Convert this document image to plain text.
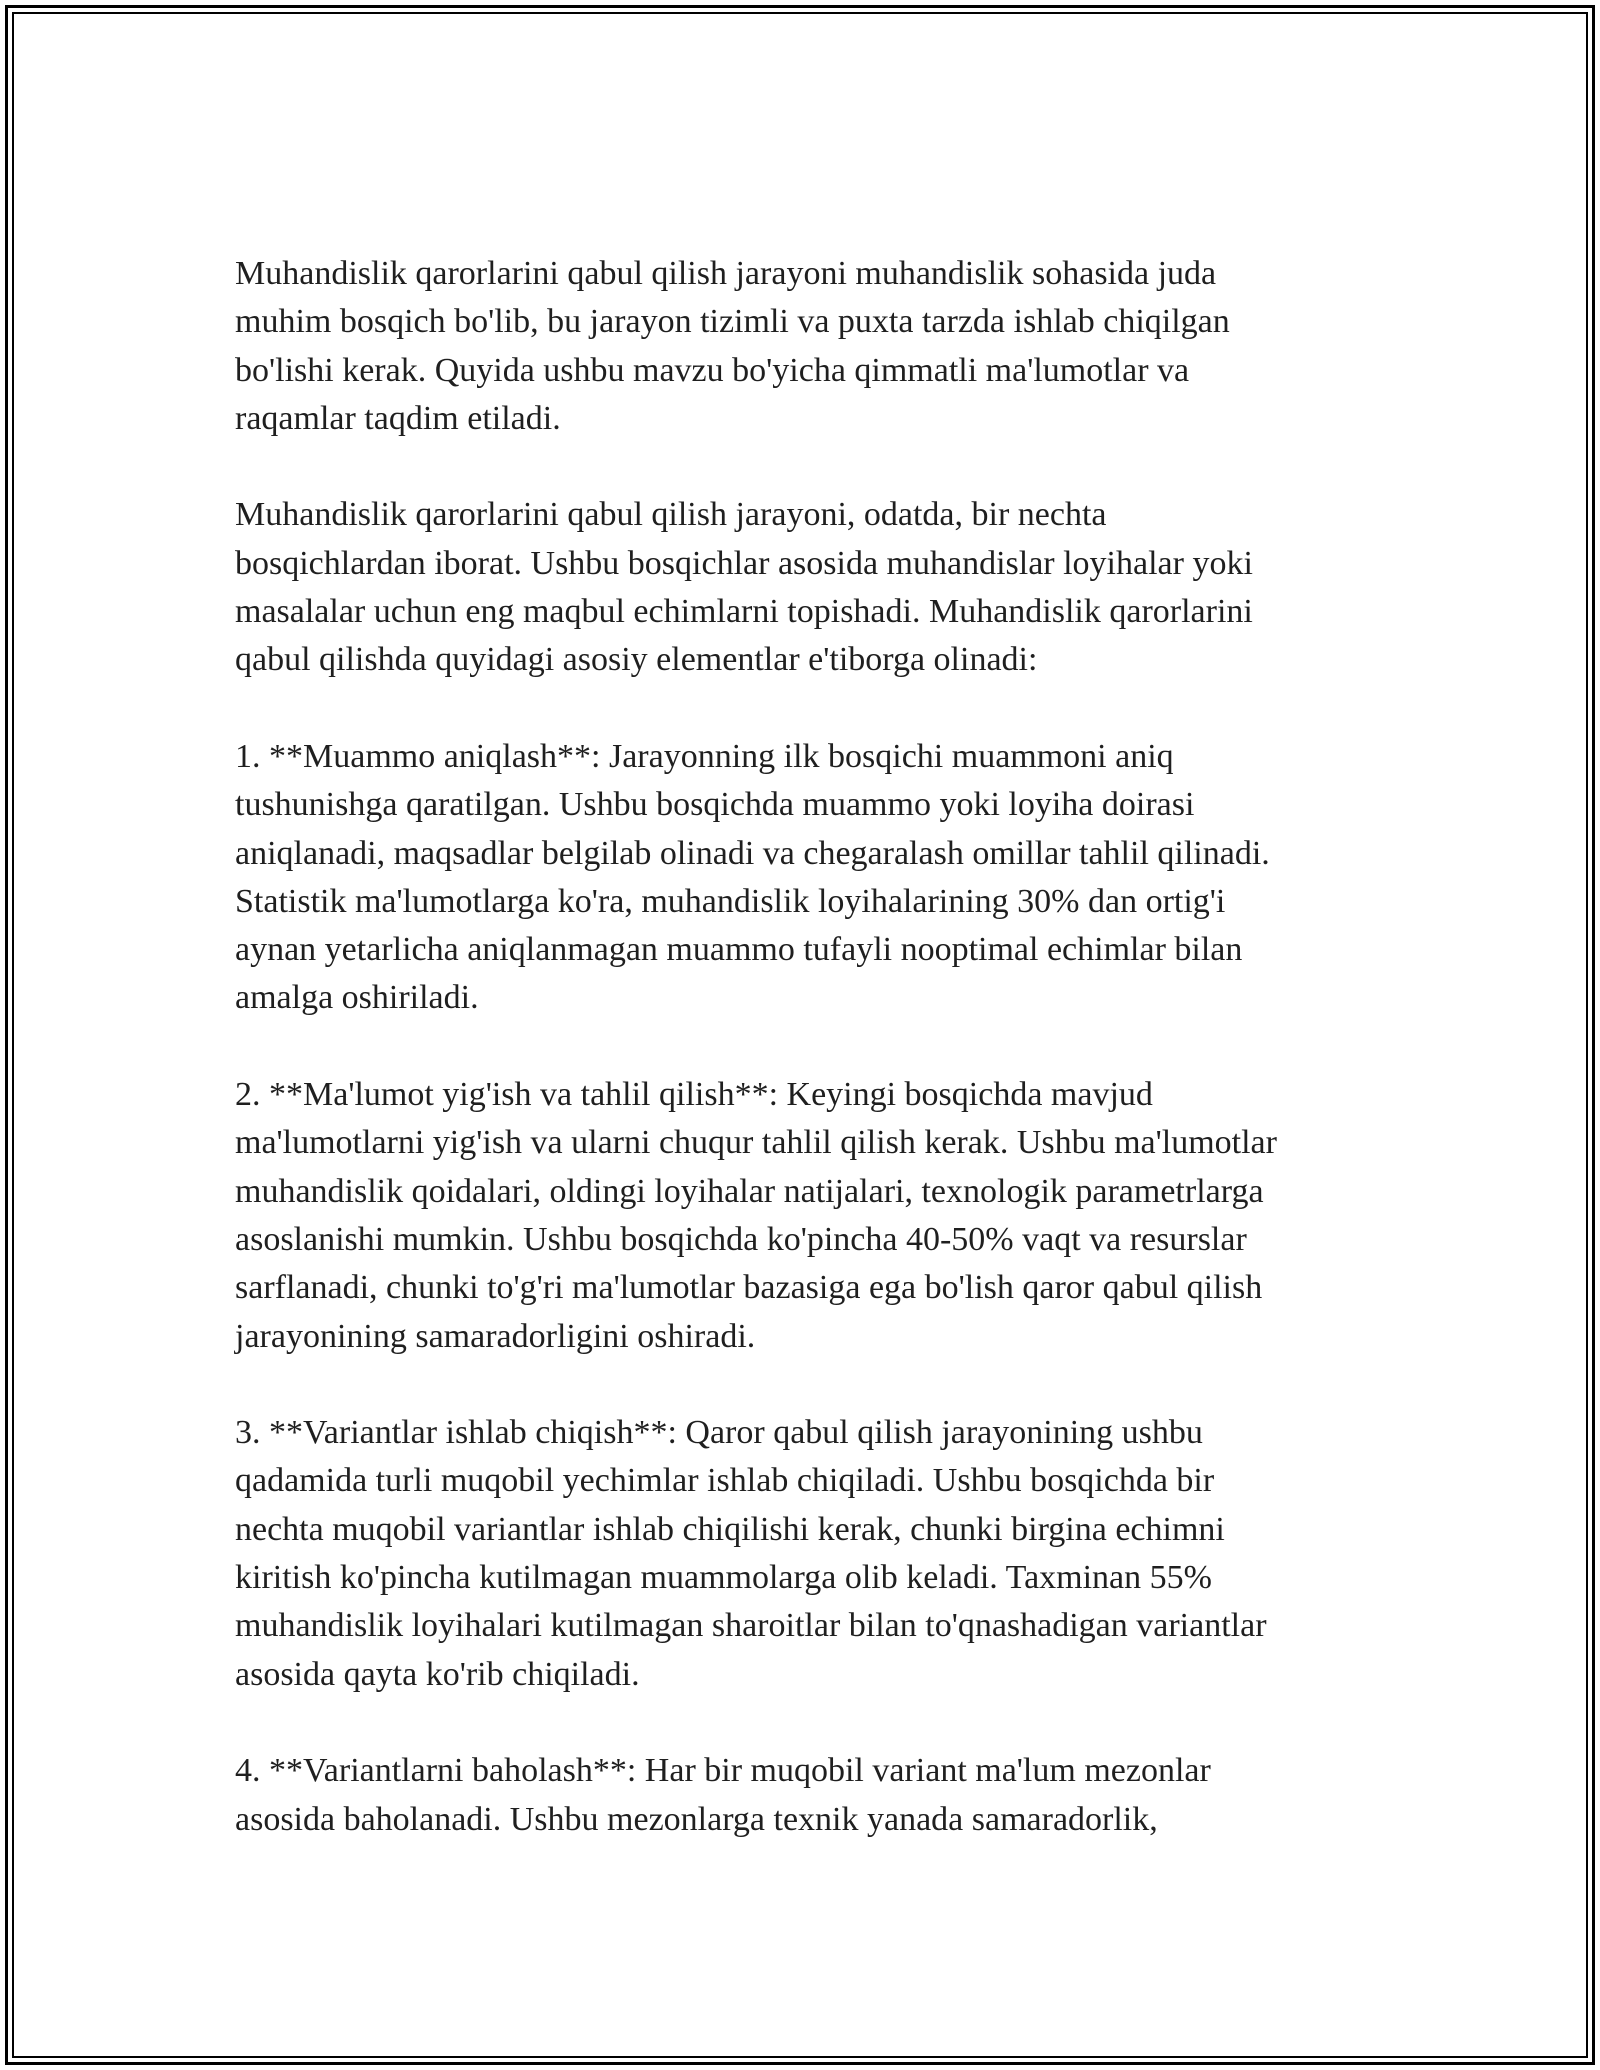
Muhandislik qarorlarini qabul qilish jarayoni muhandislik sohasida juda
muhim bosqich bo'lib, bu jarayon tizimli va puxta tarzda ishlab chiqilgan
bo'lishi kerak. Quyida ushbu mavzu bo'yicha qimmatli ma'lumotlar va
raqamlar taqdim etiladi.

Muhandislik qarorlarini qabul qilish jarayoni, odatda, bir nechta
bosqichlardan iborat. Ushbu bosqichlar asosida muhandislar loyihalar yoki
masalalar uchun eng maqbul echimlarni topishadi. Muhandislik qarorlarini
qabul qilishda quyidagi asosiy elementlar e'tiborga olinadi:

1. **Muammo aniqlash**: Jarayonning ilk bosqichi muammoni aniq
tushunishga qaratilgan. Ushbu bosqichda muammo yoki loyiha doirasi
aniqlanadi, maqsadlar belgilab olinadi va chegaralash omillar tahlil qilinadi.
Statistik ma'lumotlarga ko'ra, muhandislik loyihalarining 30% dan ortig'i
aynan yetarlicha aniqlanmagan muammo tufayli nooptimal echimlar bilan
amalga oshiriladi.

2. **Ma'lumot yig'ish va tahlil qilish**: Keyingi bosqichda mavjud
ma'lumotlarni yig'ish va ularni chuqur tahlil qilish kerak. Ushbu ma'lumotlar
muhandislik qoidalari, oldingi loyihalar natijalari, texnologik parametrlarga
asoslanishi mumkin. Ushbu bosqichda ko'pincha 40-50% vaqt va resurslar
sarflanadi, chunki to'g'ri ma'lumotlar bazasiga ega bo'lish qaror qabul qilish
jarayonining samaradorligini oshiradi.

3. **Variantlar ishlab chiqish**: Qaror qabul qilish jarayonining ushbu
qadamida turli muqobil yechimlar ishlab chiqiladi. Ushbu bosqichda bir
nechta muqobil variantlar ishlab chiqilishi kerak, chunki birgina echimni
kiritish ko'pincha kutilmagan muammolarga olib keladi. Taxminan 55%
muhandislik loyihalari kutilmagan sharoitlar bilan to'qnashadigan variantlar
asosida qayta ko'rib chiqiladi.

4. **Variantlarni baholash**: Har bir muqobil variant ma'lum mezonlar
asosida baholanadi. Ushbu mezonlarga texnik yanada samaradorlik,
